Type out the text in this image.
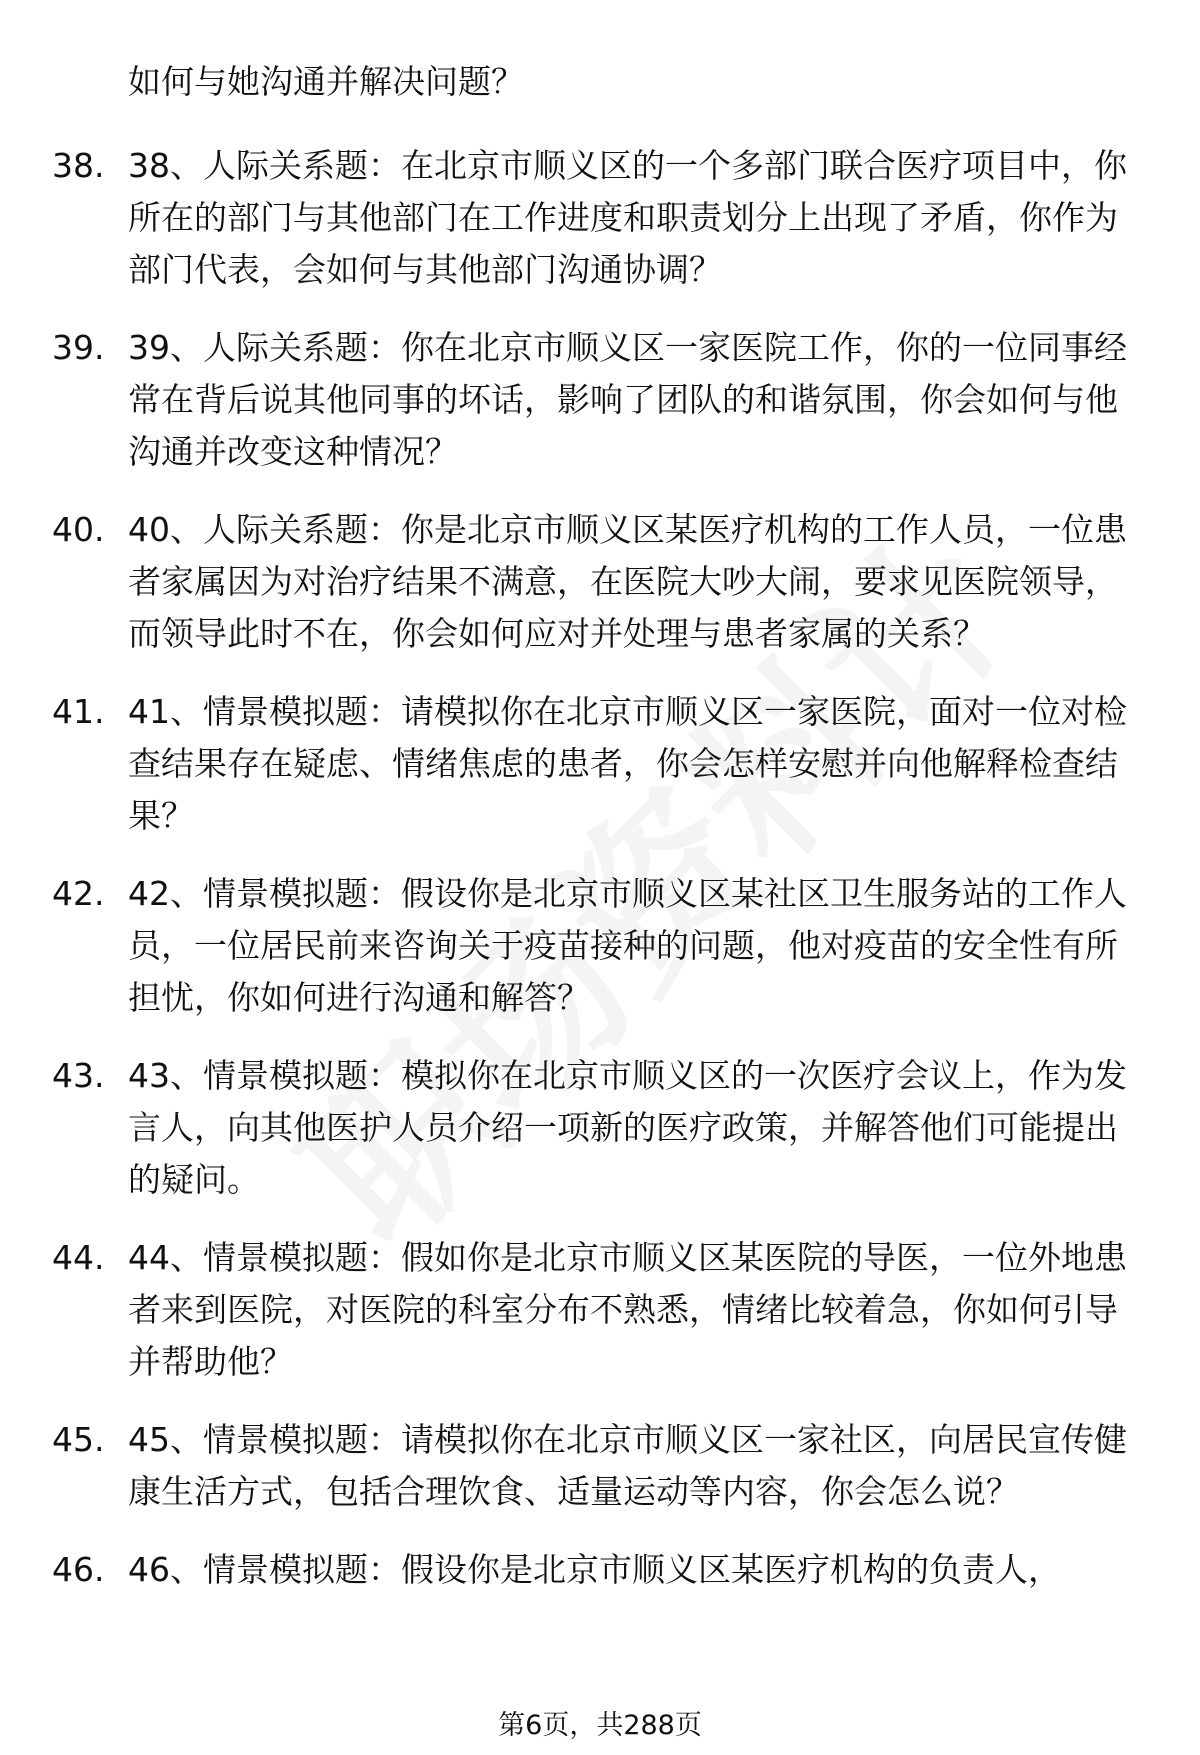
如何与她沟通并解决问题？
38. 38、人际关系题：在北京市顺义区的一个多部门联合医疗项目中，你所在的部门与其他部门在工作进度和职责划分上出现了矛盾，你作为部门代表，会如何与其他部门沟通协调？
39. 39、人际关系题：你在北京市顺义区一家医院工作，你的一位同事经常在背后说其他同事的坏话，影响了团队的和谐氛围，你会如何与他沟通并改变这种情况？
40. 40、人际关系题：你是北京市顺义区某医疗机构的工作人员，一位患者家属因为对治疗结果不满意，在医院大吵大闹，要求见医院领导，而领导此时不在，你会如何应对并处理与患者家属的关系？
41. 41、情景模拟题：请模拟你在北京市顺义区一家医院，面对一位对检查结果存在疑虑、情绪焦虑的患者，你会怎样安慰并向他解释检查结果？
42. 42、情景模拟题：假设你是北京市顺义区某社区卫生服务站的工作人员，一位居民前来咨询关于疫苗接种的问题，他对疫苗的安全性有所担忧，你如何进行沟通和解答？
43. 43、情景模拟题：模拟你在北京市顺义区的一次医疗会议上，作为发言人，向其他医护人员介绍一项新的医疗政策，并解答他们可能提出的疑问。
44. 44、情景模拟题：假如你是北京市顺义区某医院的导医，一位外地患者来到医院，对医院的科室分布不熟悉，情绪比较着急，你如何引导并帮助他？
45. 45、情景模拟题：请模拟你在北京市顺义区一家社区，向居民宣传健康生活方式，包括合理饮食、适量运动等内容，你会怎么说？
46. 46、情景模拟题：假设你是北京市顺义区某医疗机构的负责人，
第6页，共288页
